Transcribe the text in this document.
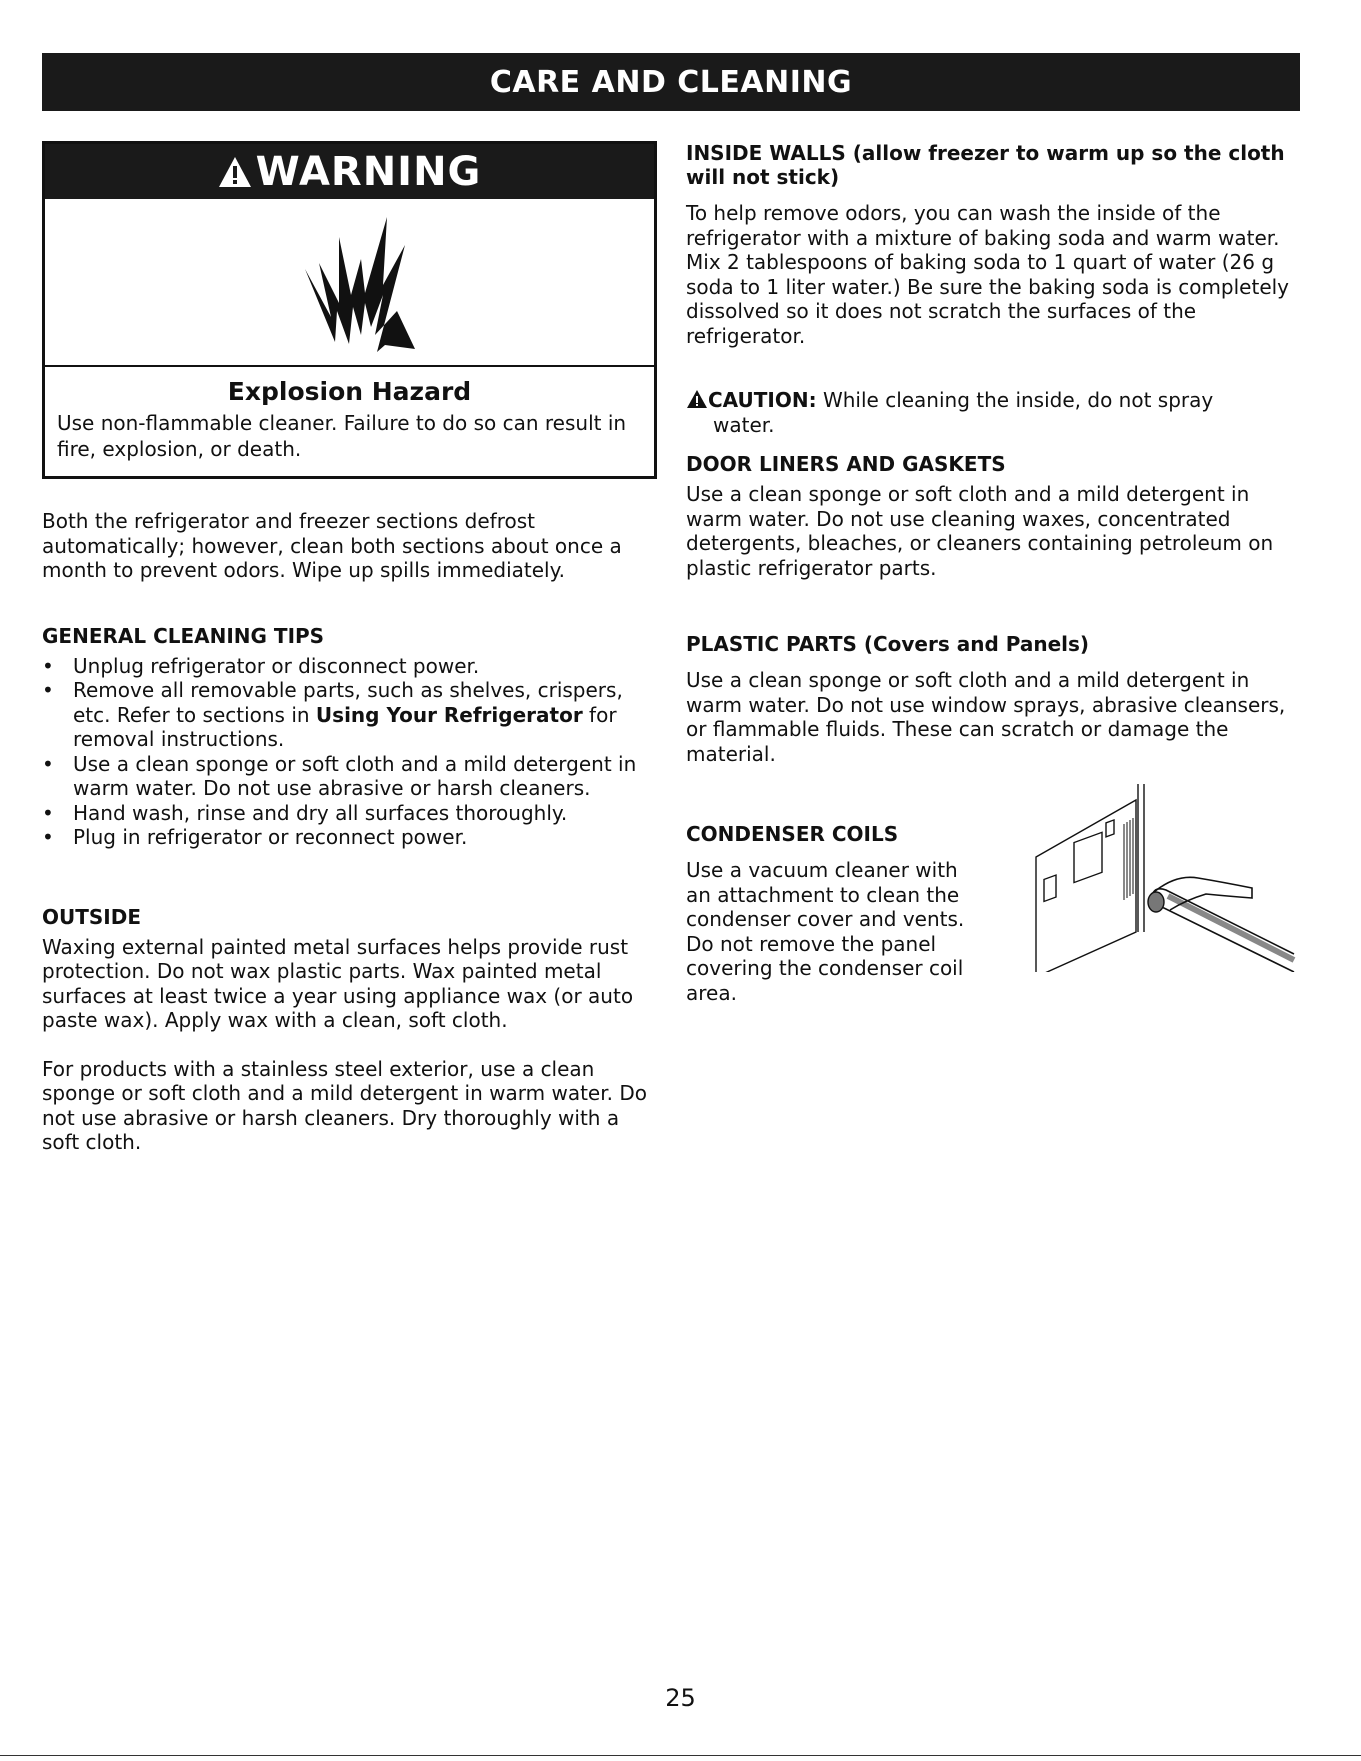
CARE AND CLEANING
WARNING
Explosion Hazard
Use non-flammable cleaner. Failure to do so can result in fire, explosion, or death.

Both the refrigerator and freezer sections defrost automatically; however, clean both sections about once a month to prevent odors. Wipe up spills immediately.

GENERAL CLEANING TIPS
• Unplug refrigerator or disconnect power.
• Remove all removable parts, such as shelves, crispers, etc. Refer to sections in Using Your Refrigerator for removal instructions.
• Use a clean sponge or soft cloth and a mild detergent in warm water. Do not use abrasive or harsh cleaners.
• Hand wash, rinse and dry all surfaces thoroughly.
• Plug in refrigerator or reconnect power.
OUTSIDE

Waxing external painted metal surfaces helps provide rust protection. Do not wax plastic parts. Wax painted metal surfaces at least twice a year using appliance wax (or auto paste wax). Apply wax with a clean, soft cloth.

For products with a stainless steel exterior, use a clean sponge or soft cloth and a mild detergent in warm water. Do not use abrasive or harsh cleaners. Dry thoroughly with a soft cloth.

INSIDE WALLS (allow freezer to warm up so the cloth will not stick)

To help remove odors, you can wash the inside of the refrigerator with a mixture of baking soda and warm water. Mix 2 tablespoons of baking soda to 1 quart of water (26 g soda to 1 liter water.) Be sure the baking soda is completely dissolved so it does not scratch the surfaces of the refrigerator.

CAUTION: While cleaning the inside, do not spray
water.
DOOR LINERS AND GASKETS

Use a clean sponge or soft cloth and a mild detergent in warm water. Do not use cleaning waxes, concentrated detergents, bleaches, or cleaners containing petroleum on plastic refrigerator parts.

PLASTIC PARTS (Covers and Panels)

Use a clean sponge or soft cloth and a mild detergent in warm water. Do not use window sprays, abrasive cleansers, or flammable fluids. These can scratch or damage the material.

CONDENSER COILS

Use a vacuum cleaner with an attachment to clean the condenser cover and vents. Do not remove the panel covering the condenser coil area.

25
